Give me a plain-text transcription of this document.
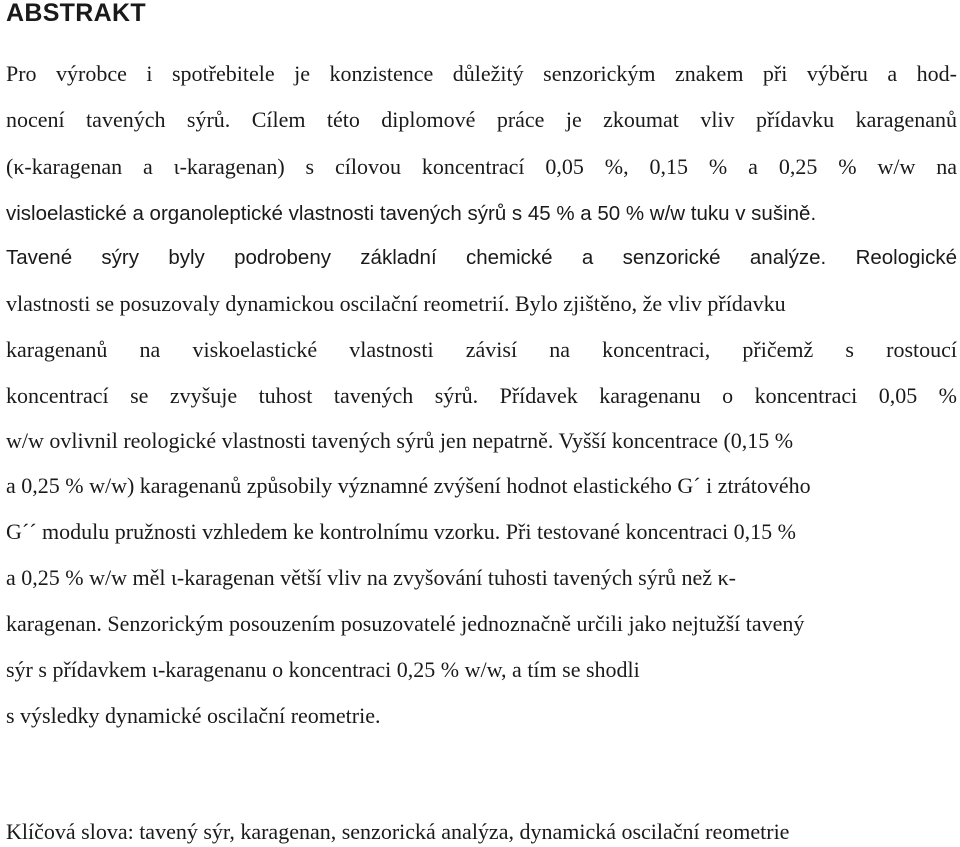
ABSTRAKT
Pro výrobce i spotřebitele je konzistence důležitý senzorickým znakem při výběru a hod-
nocení tavených sýrů. Cílem této diplomové práce je zkoumat vliv přídavku karagenanů
(κ-karagenan a ι-karagenan) s cílovou koncentrací 0,05 %, 0,15 % a 0,25 % w/w na
visloelastické a organoleptické vlastnosti tavených sýrů s 45 % a 50 % w/w tuku v sušině.
Tavené sýry byly podrobeny základní chemické a senzorické analýze. Reologické
vlastnosti se posuzovaly dynamickou oscilační reometrií. Bylo zjištěno, že vliv přídavku
karagenanů na viskoelastické vlastnosti závisí na koncentraci, přičemž s rostoucí
koncentrací se zvyšuje tuhost tavených sýrů. Přídavek karagenanu o koncentraci 0,05 %
w/w ovlivnil reologické vlastnosti tavených sýrů jen nepatrně. Vyšší koncentrace (0,15 %
a 0,25 % w/w) karagenanů způsobily významné zvýšení hodnot elastického G´ i ztrátového
G´´ modulu pružnosti vzhledem ke kontrolnímu vzorku. Při testované koncentraci 0,15 %
a 0,25 % w/w měl ι-karagenan větší vliv na zvyšování tuhosti tavených sýrů než κ-
karagenan. Senzorickým posouzením posuzovatelé jednoznačně určili jako nejtužší tavený
sýr s přídavkem ι-karagenanu o koncentraci 0,25 % w/w, a tím se shodli
s výsledky dynamické oscilační reometrie.
Klíčová slova: tavený sýr, karagenan, senzorická analýza, dynamická oscilační reometrie
